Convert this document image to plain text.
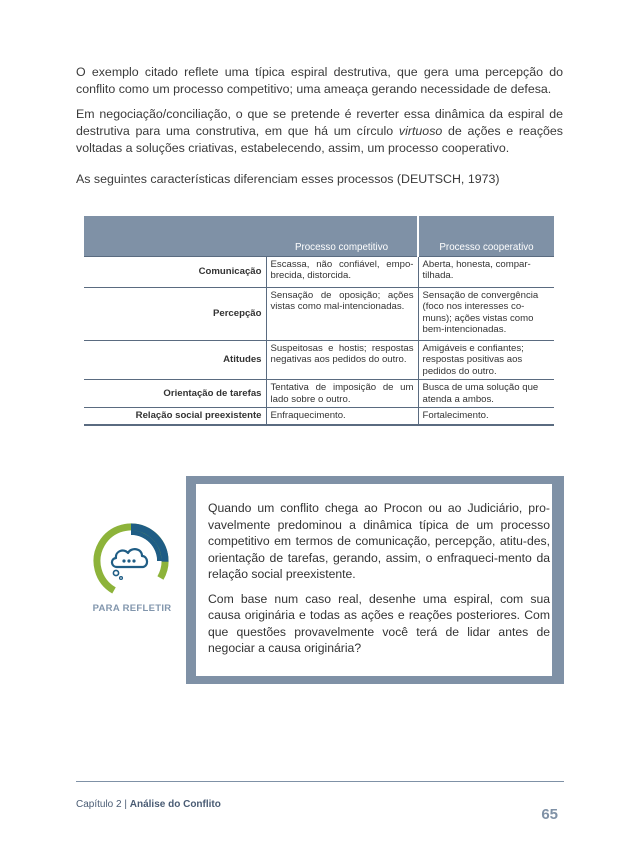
O exemplo citado reflete uma típica espiral destrutiva, que gera uma percepção do conflito como um processo competitivo; uma ameaça gerando necessidade de defesa.

Em negociação/conciliação, o que se pretende é reverter essa dinâmica da espiral de destrutiva para uma construtiva, em que há um círculo virtuoso de ações e reações voltadas a soluções criativas, estabelecendo, assim, um processo cooperativo.

As seguintes características diferenciam esses processos (DEUTSCH, 1973)

	Processo competitivo	Processo cooperativo
Comunicação	Escassa, não confiável, empo-brecida, distorcida.	Aberta, honesta, compar-tilhada.
Percepção	Sensação de oposição; ações vistas como mal-intencionadas.	Sensação de convergência (foco nos interesses co-muns); ações vistas como bem-intencionadas.
Atitudes	Suspeitosas e hostis; respostas negativas aos pedidos do outro.	Amigáveis e confiantes; respostas positivas aos pedidos do outro.
Orientação de tarefas	Tentativa de imposição de um lado sobre o outro.	Busca de uma solução que atenda a ambos.
Relação social preexistente	Enfraquecimento.	Fortalecimento.
PARA REFLETIR

Quando um conflito chega ao Procon ou ao Judiciário, pro-vavelmente predominou a dinâmica típica de um processo competitivo em termos de comunicação, percepção, atitu-des, orientação de tarefas, gerando, assim, o enfraqueci-mento da relação social preexistente.

Com base num caso real, desenhe uma espiral, com sua causa originária e todas as ações e reações posteriores. Com que questões provavelmente você terá de lidar antes de negociar a causa originária?

Capítulo 2 | Análise do Conflito
65
